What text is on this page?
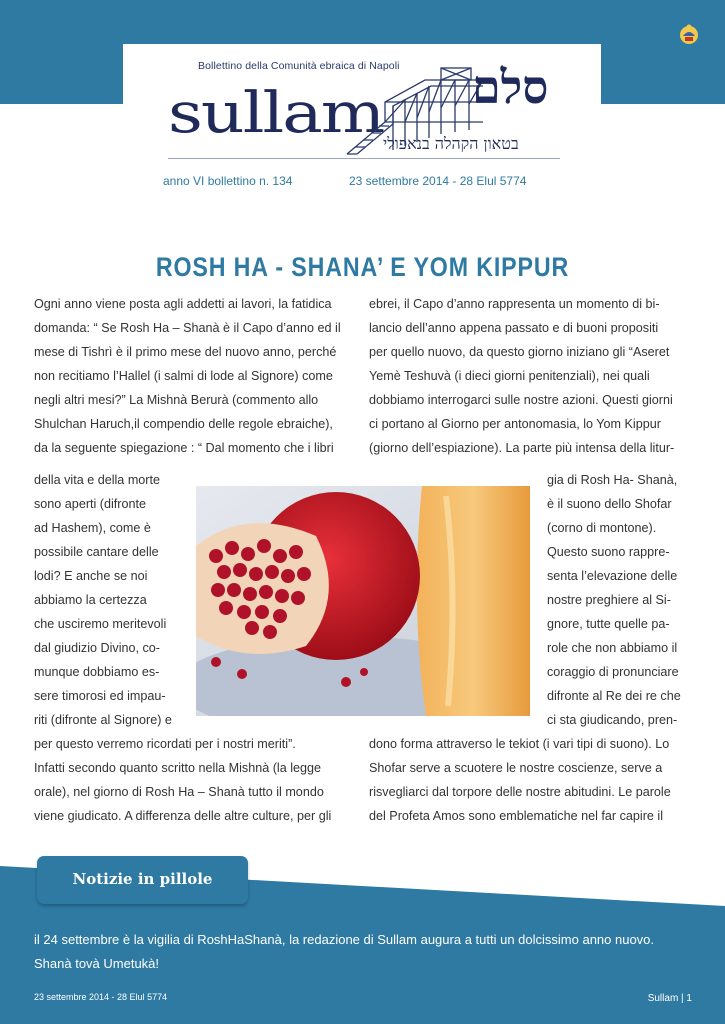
Bollettino della Comunità ebraica di Napoli
sullam סלם
בטאון הקהלה בנאפולי
anno VI bollettino n. 134	23 settembre 2014 - 28 Elul 5774
ROSH HA - SHANA’ E YOM KIPPUR
Ogni anno viene posta agli addetti ai lavori, la fatidica
domanda: “ Se Rosh Ha – Shanà è il Capo d’anno ed il
mese di Tishrì è il primo mese del nuovo anno, perché
non recitiamo l’Hallel (i salmi di lode al Signore) come
negli altri mesi?” La Mishnà Berurà (commento allo
Shulchan Haruch,il compendio delle regole ebraiche),
da la seguente spiegazione : “ Dal momento che i libri
della vita e della morte
sono aperti (difronte
ad Hashem), come è
possibile cantare delle
lodi? E anche se noi
abbiamo la certezza
che usciremo meritevoli
dal giudizio Divino, co-
munque dobbiamo es-
sere timorosi ed impau-
riti (difronte al Signore) e
per questo verremo ricordati per i nostri meriti”.
Infatti secondo quanto scritto nella Mishnà (la legge
orale), nel giorno di Rosh Ha – Shanà tutto il mondo
viene giudicato. A differenza delle altre culture, per gli
ebrei, il Capo d’anno rappresenta un momento di bi-
lancio dell’anno appena passato e di buoni propositi
per quello nuovo, da questo giorno iniziano gli “Aseret
Yemè Teshuvà (i dieci giorni penitenziali), nei quali
dobbiamo interrogarci sulle nostre azioni. Questi giorni
ci portano al Giorno per antonomasia, lo Yom Kippur
(giorno dell’espiazione). La parte più intensa della litur-
gia di Rosh Ha- Shanà,
è il suono dello Shofar
(corno di montone).
Questo suono rappre-
senta l’elevazione delle
nostre preghiere al Si-
gnore, tutte quelle pa-
role che non abbiamo il
coraggio di pronunciare
difronte al Re dei re che
ci sta giudicando, pren-
dono forma attraverso le tekiot (i vari tipi di suono). Lo
Shofar serve a scuotere le nostre coscienze, serve a
risvegliarci dal torpore delle nostre abitudini. Le parole
del Profeta Amos sono emblematiche nel far capire il
Notizie in pillole
il 24 settembre è la vigilia di RoshHaShanà, la redazione di Sullam augura a tutti un dolcissimo anno nuovo.
Shanà tovà Umetukà!
23 settembre 2014 - 28 Elul 5774	Sullam | 1
